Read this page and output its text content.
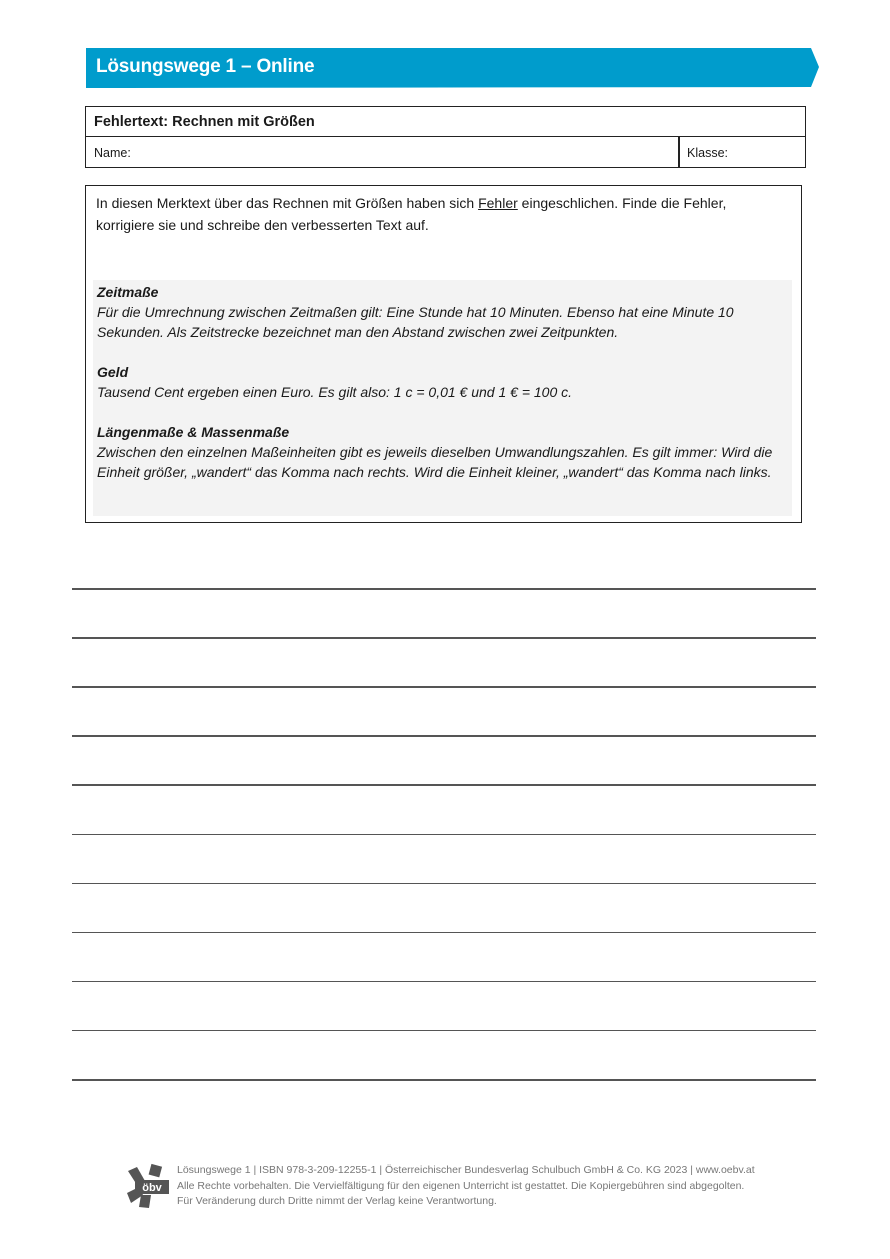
Lösungswege 1 – Online
Fehlertext: Rechnen mit Größen
Name:	Klasse:
In diesen Merktext über das Rechnen mit Größen haben sich Fehler eingeschlichen. Finde die Fehler, korrigiere sie und schreibe den verbesserten Text auf.
Zeitmaße
Für die Umrechnung zwischen Zeitmaßen gilt: Eine Stunde hat 10 Minuten. Ebenso hat eine Minute 10 Sekunden. Als Zeitstrecke bezeichnet man den Abstand zwischen zwei Zeitpunkten.
Geld
Tausend Cent ergeben einen Euro. Es gilt also: 1 c = 0,01 € und 1 € = 100 c.
Längenmaße & Massenmaße
Zwischen den einzelnen Maßeinheiten gibt es jeweils dieselben Umwandlungszahlen. Es gilt immer: Wird die Einheit größer, „wandert“ das Komma nach rechts. Wird die Einheit kleiner, „wandert“ das Komma nach links.
öbv
Lösungswege 1 | ISBN 978-3-209-12255-1 | Österreichischer Bundesverlag Schulbuch GmbH & Co. KG 2023 | www.oebv.at
Alle Rechte vorbehalten. Die Vervielfältigung für den eigenen Unterricht ist gestattet. Die Kopiergebühren sind abgegolten.
Für Veränderung durch Dritte nimmt der Verlag keine Verantwortung.
